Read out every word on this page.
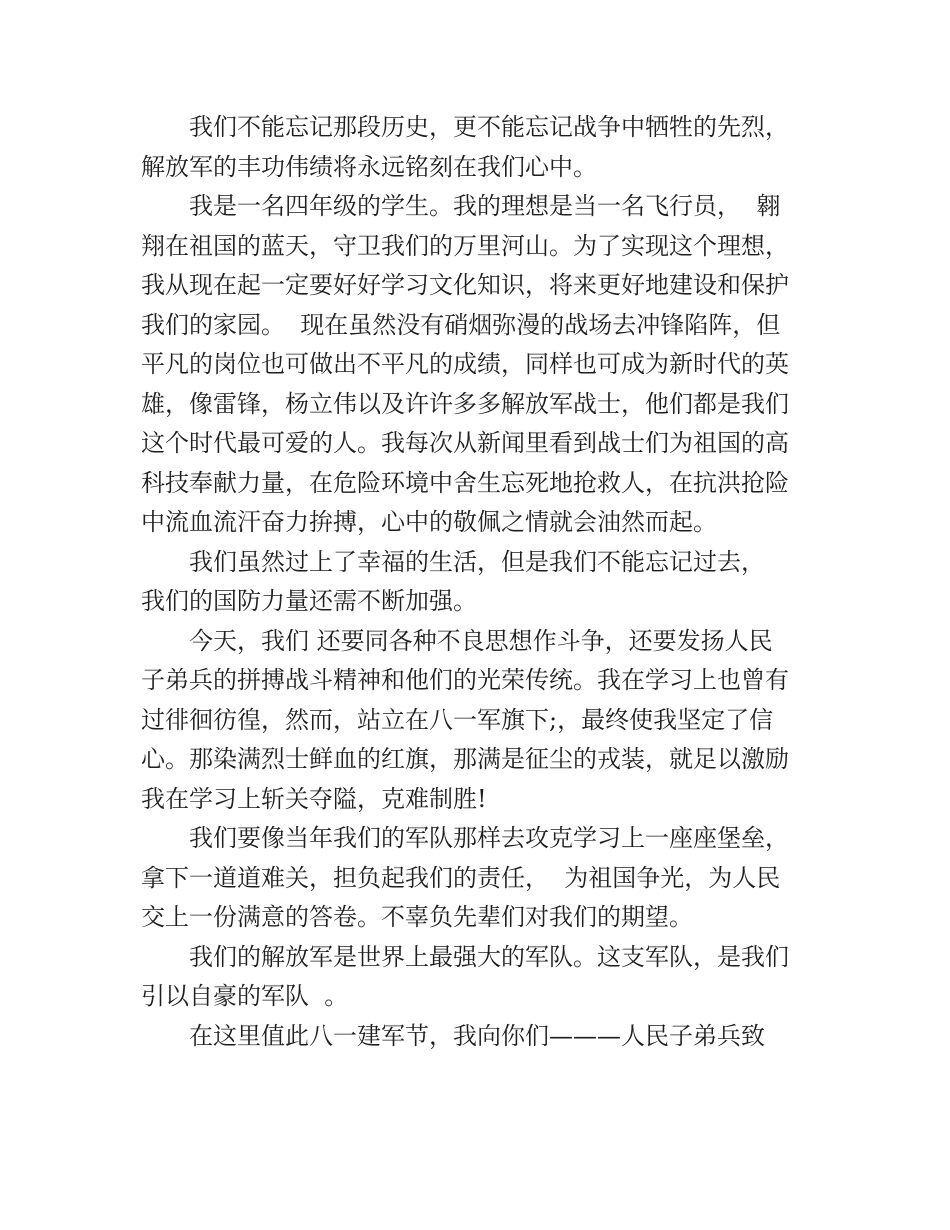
我们不能忘记那段历史，更不能忘记战争中牺牲的先烈，
解放军的丰功伟绩将永远铭刻在我们心中。
我是一名四年级的学生。我的理想是当一名飞行员，  翱
翔在祖国的蓝天，守卫我们的万里河山。为了实现这个理想，
我从现在起一定要好好学习文化知识，将来更好地建设和保护
我们的家园。  现在虽然没有硝烟弥漫的战场去冲锋陷阵，但
平凡的岗位也可做出不平凡的成绩，同样也可成为新时代的英
雄，像雷锋，杨立伟以及许许多多解放军战士，他们都是我们
这个时代最可爱的人。我每次从新闻里看到战士们为祖国的高
科技奉献力量，在危险环境中舍生忘死地抢救人，在抗洪抢险
中流血流汗奋力拚搏，心中的敬佩之情就会油然而起。
我们虽然过上了幸福的生活，但是我们不能忘记过去，
我们的国防力量还需不断加强。
今天，我们 还要同各种不良思想作斗争，还要发扬人民
子弟兵的拼搏战斗精神和他们的光荣传统。我在学习上也曾有
过徘徊彷徨，然而，站立在八一军旗下;，最终使我坚定了信
心。那染满烈士鲜血的红旗，那满是征尘的戎装，就足以激励
我在学习上斩关夺隘，克难制胜!
我们要像当年我们的军队那样去攻克学习上一座座堡垒，
拿下一道道难关，担负起我们的责任，  为祖国争光，为人民
交上一份满意的答卷。不辜负先辈们对我们的期望。
我们的解放军是世界上最强大的军队。这支军队，是我们
引以自豪的军队  。
在这里值此八一建军节，我向你们———人民子弟兵致
